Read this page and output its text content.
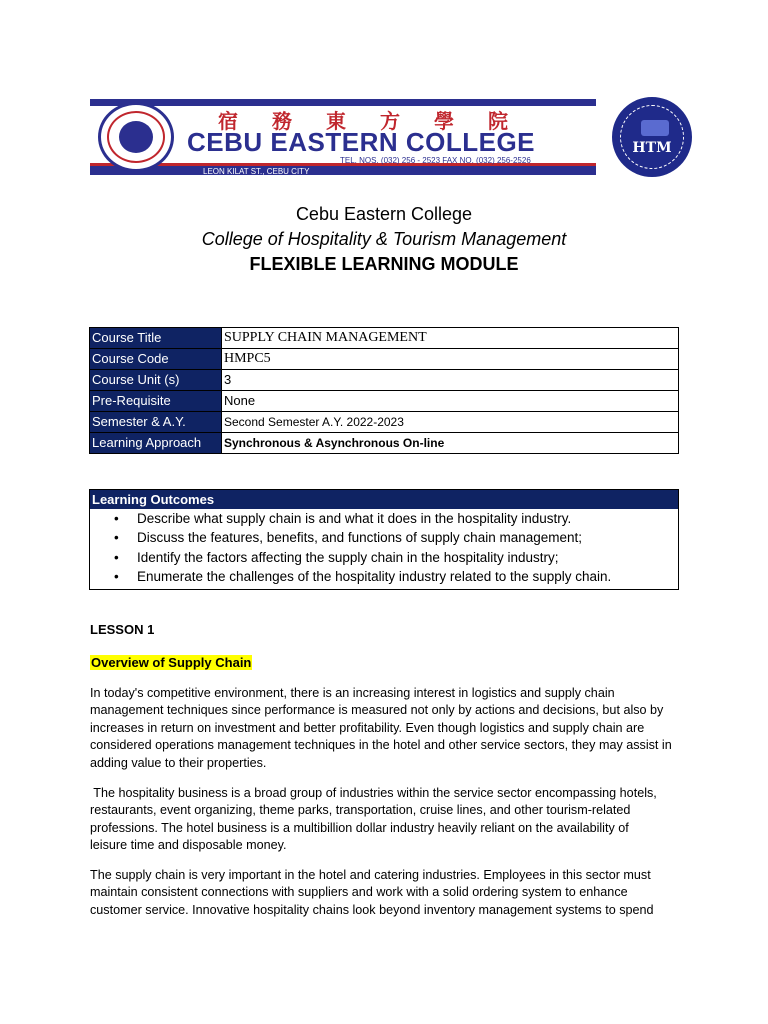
宿務東方學院
CEBU EASTERN COLLEGE
LEON KILAT ST., CEBU CITY
TEL. NOS. (032) 256 - 2523 FAX NO. (032) 256-2526
EMAIL: cebueasterncollege1915@yahoo.com
HTM
Cebu Eastern College
College of Hospitality & Tourism Management
FLEXIBLE LEARNING MODULE
Course Title	SUPPLY CHAIN MANAGEMENT
Course Code	HMPC5
Course Unit (s)	3
Pre-Requisite	None
Semester & A.Y.	Second Semester A.Y. 2022-2023
Learning Approach	Synchronous & Asynchronous On-line
Learning Outcomes
• Describe what supply chain is and what it does in the hospitality industry.
• Discuss the features, benefits, and functions of supply chain management;
• Identify the factors affecting the supply chain in the hospitality industry;
• Enumerate the challenges of the hospitality industry related to the supply chain.
LESSON 1
Overview of Supply Chain
In today's competitive environment, there is an increasing interest in logistics and supply chain
management techniques since performance is measured not only by actions and decisions, but also by
increases in return on investment and better profitability. Even though logistics and supply chain are
considered operations management techniques in the hotel and other service sectors, they may assist in
adding value to their properties.
The hospitality business is a broad group of industries within the service sector encompassing hotels,
restaurants, event organizing, theme parks, transportation, cruise lines, and other tourism-related
professions. The hotel business is a multibillion dollar industry heavily reliant on the availability of
leisure time and disposable money.
The supply chain is very important in the hotel and catering industries. Employees in this sector must
maintain consistent connections with suppliers and work with a solid ordering system to enhance
customer service. Innovative hospitality chains look beyond inventory management systems to spend
